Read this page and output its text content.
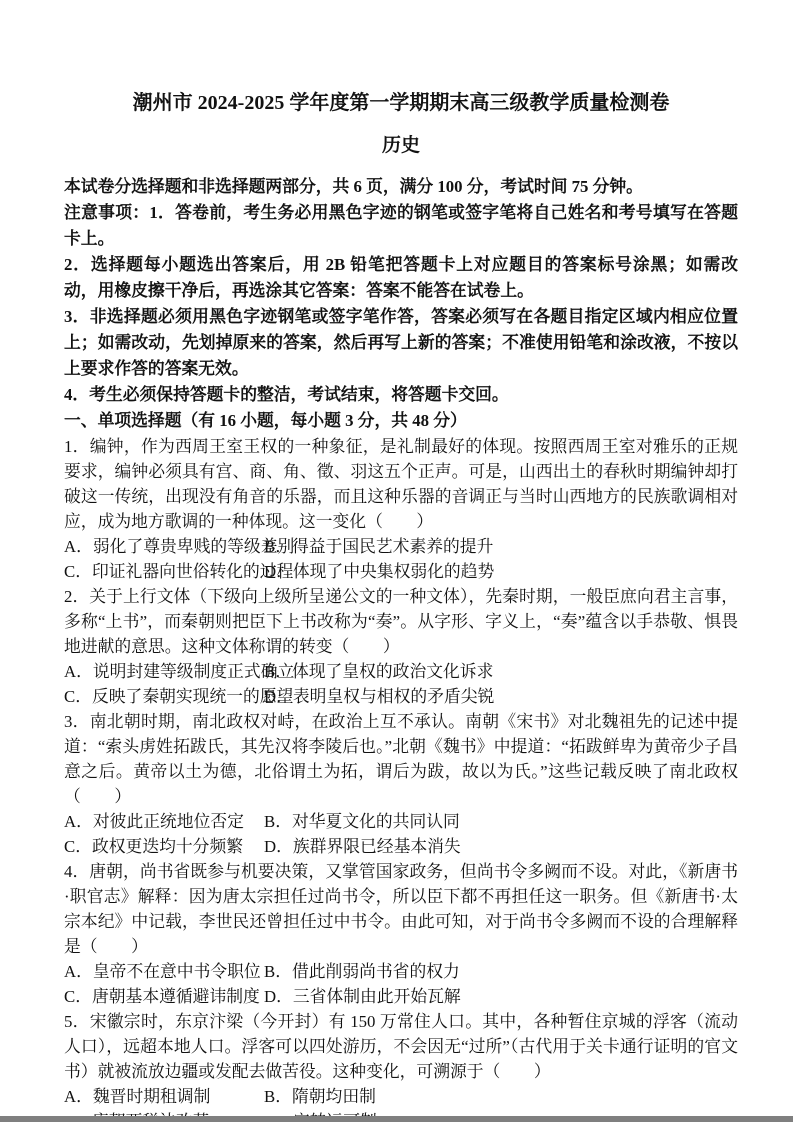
潮州市 2024-2025 学年度第一学期期末高三级教学质量检测卷

历史

本试卷分选择题和非选择题两部分，共 6 页，满分 100 分，考试时间 75 分钟。

注意事项：1．答卷前，考生务必用黑色字迹的钢笔或签字笔将自己姓名和考号填写在答题卡上。

2．选择题每小题选出答案后，用 2B 铅笔把答题卡上对应题目的答案标号涂黑；如需改动，用橡皮擦干净后，再选涂其它答案：答案不能答在试卷上。

3．非选择题必须用黑色字迹钢笔或签字笔作答，答案必须写在各题目指定区域内相应位置上；如需改动，先划掉原来的答案，然后再写上新的答案；不准使用铅笔和涂改液，不按以上要求作答的答案无效。

4．考生必须保持答题卡的整洁，考试结束，将答题卡交回。

一、单项选择题（有 16 小题，每小题 3 分，共 48 分）

1．编钟，作为西周王室王权的一种象征，是礼制最好的体现。按照西周王室对雅乐的正规要求，编钟必须具有宫、商、角、徵、羽这五个正声。可是，山西出土的春秋时期编钟却打破这一传统，出现没有角音的乐器，而且这种乐器的音调正与当时山西地方的民族歌调相对应，成为地方歌调的一种体现。这一变化（　　）

A．弱化了尊贵卑贱的等级差别
B．得益于国民艺术素养的提升
C．印证礼器向世俗转化的过程
D．体现了中央集权弱化的趋势

2．关于上行文体（下级向上级所呈递公文的一种文体），先秦时期，一般臣庶向君主言事，多称“上书”，而秦朝则把臣下上书改称为“奏”。从字形、字义上，“奏”蕴含以手恭敬、惧畏地进献的意思。这种文体称谓的转变（　　）

A．说明封建等级制度正式确立
B．体现了皇权的政治文化诉求
C．反映了秦朝实现统一的愿望
D．表明皇权与相权的矛盾尖锐

3．南北朝时期，南北政权对峙，在政治上互不承认。南朝《宋书》对北魏祖先的记述中提道：“索头虏姓拓跋氏，其先汉将李陵后也。”北朝《魏书》中提道：“拓跋鲜卑为黄帝少子昌意之后。黄帝以土为德，北俗谓土为拓，谓后为跋，故以为氏。”这些记载反映了南北政权（　　）

A．对彼此正统地位否定	B．对华夏文化的共同认同
C．政权更迭均十分频繁	D．族群界限已经基本消失

4．唐朝，尚书省既参与机要决策，又掌管国家政务，但尚书令多阙而不设。对此，《新唐书·职官志》解释：因为唐太宗担任过尚书令，所以臣下都不再担任这一职务。但《新唐书·太宗本纪》中记载，李世民还曾担任过中书令。由此可知，对于尚书令多阙而不设的合理解释是（　　）

A．皇帝不在意中书令职位 B．借此削弱尚书省的权力
C．唐朝基本遵循避讳制度 D．三省体制由此开始瓦解

5．宋徽宗时，东京汴梁（今开封）有 150 万常住人口。其中，各种暂住京城的浮客（流动人口），远超本地人口。浮客可以四处游历，不会因无“过所”（古代用于关卡通行证明的官文书）就被流放边疆或发配去做苦役。这种变化，可溯源于（　　）

A．魏晋时期租调制	B．隋朝均田制
